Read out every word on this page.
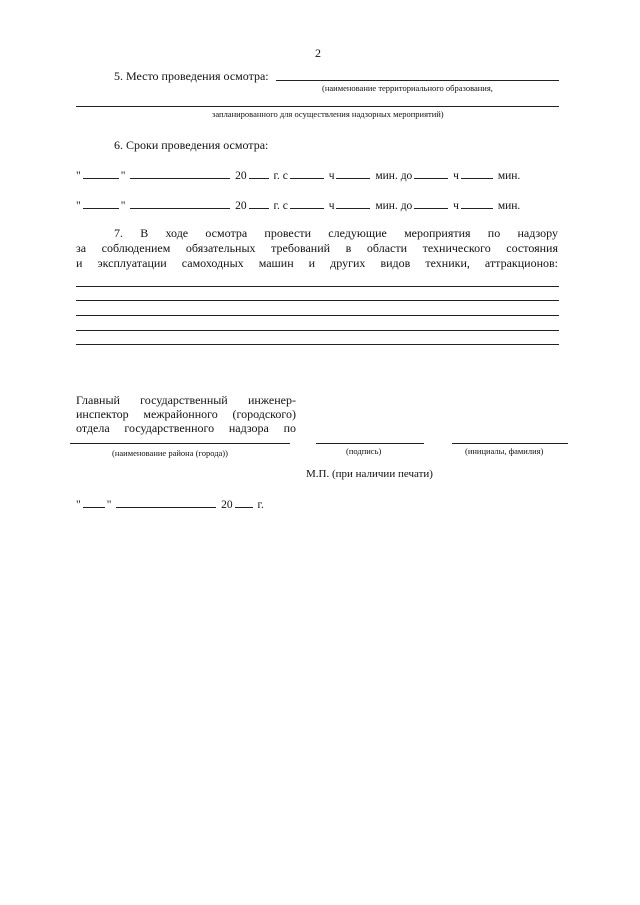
2
5. Место проведения осмотра:
(наименование территориального образования,
запланированного для осуществления надзорных мероприятий)
6. Сроки проведения осмотра:
"	"	20 г. с	ч	мин. до	ч	мин.
"	"	20 г. с	ч	мин. до	ч	мин.
7. В ходе осмотра провести следующие мероприятия по надзору
за соблюдением обязательных требований в области технического состояния
и эксплуатации самоходных машин и других видов техники, аттракционов:
Главный государственный инженер-
инспектор межрайонного (городского)
отдела государственного надзора по
(наименование района (города))	(подпись)	(инициалы, фамилия)
М.П. (при наличии печати)
" "	20 г.
